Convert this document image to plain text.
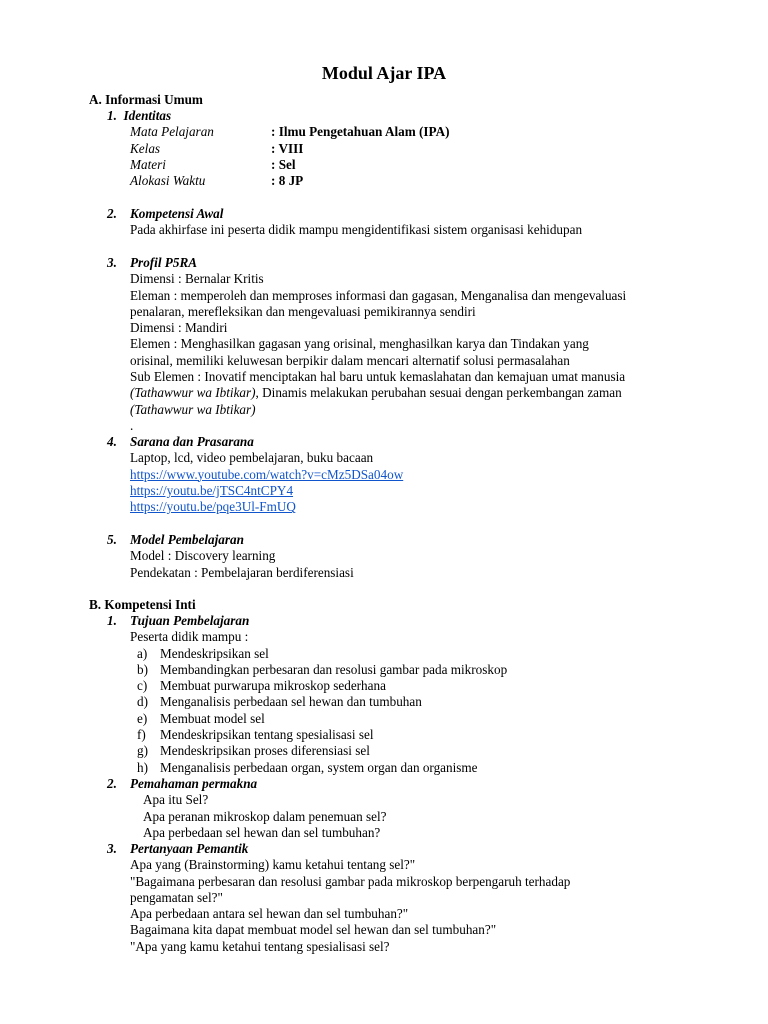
Modul Ajar IPA
A. Informasi Umum
1.  Identitas
Mata Pelajaran	: Ilmu Pengetahuan Alam (IPA)
Kelas	: VIII
Materi	: Sel
Alokasi Waktu	: 8 JP
2. Kompetensi Awal
Pada akhirfase ini peserta didik mampu mengidentifikasi sistem organisasi kehidupan
3. Profil P5RA
Dimensi : Bernalar Kritis
Eleman : memperoleh dan memproses informasi dan gagasan, Menganalisa dan mengevaluasi
penalaran, merefleksikan dan mengevaluasi pemikirannya sendiri
Dimensi : Mandiri
Elemen : Menghasilkan gagasan yang orisinal, menghasilkan karya dan Tindakan yang
orisinal, memiliki keluwesan berpikir dalam mencari alternatif solusi permasalahan
Sub Elemen : Inovatif menciptakan hal baru untuk kemaslahatan dan kemajuan umat manusia
(Tathawwur wa Ibtikar), Dinamis melakukan perubahan sesuai dengan perkembangan zaman
(Tathawwur wa Ibtikar)
.
4. Sarana dan Prasarana
Laptop, lcd, video pembelajaran, buku bacaan
https://www.youtube.com/watch?v=cMz5DSa04ow
https://youtu.be/jTSC4ntCPY4
https://youtu.be/pqe3Ul-FmUQ
5. Model Pembelajaran
Model : Discovery learning
Pendekatan : Pembelajaran berdiferensiasi
B. Kompetensi Inti
1. Tujuan Pembelajaran
Peserta didik mampu :
a) Mendeskripsikan sel
b) Membandingkan perbesaran dan resolusi gambar pada mikroskop
c) Membuat purwarupa mikroskop sederhana
d) Menganalisis perbedaan sel hewan dan tumbuhan
e) Membuat model sel
f)	Mendeskripsikan tentang spesialisasi sel
g) Mendeskripsikan proses diferensiasi sel
h) Menganalisis perbedaan organ, system organ dan organisme
2. Pemahaman permakna
Apa itu Sel?
Apa peranan mikroskop dalam penemuan sel?
Apa perbedaan sel hewan dan sel tumbuhan?
3. Pertanyaan Pemantik
Apa yang (Brainstorming) kamu ketahui tentang sel?"
"Bagaimana perbesaran dan resolusi gambar pada mikroskop berpengaruh terhadap
pengamatan sel?"
Apa perbedaan antara sel hewan dan sel tumbuhan?"
Bagaimana kita dapat membuat model sel hewan dan sel tumbuhan?"
"Apa yang kamu ketahui tentang spesialisasi sel?
